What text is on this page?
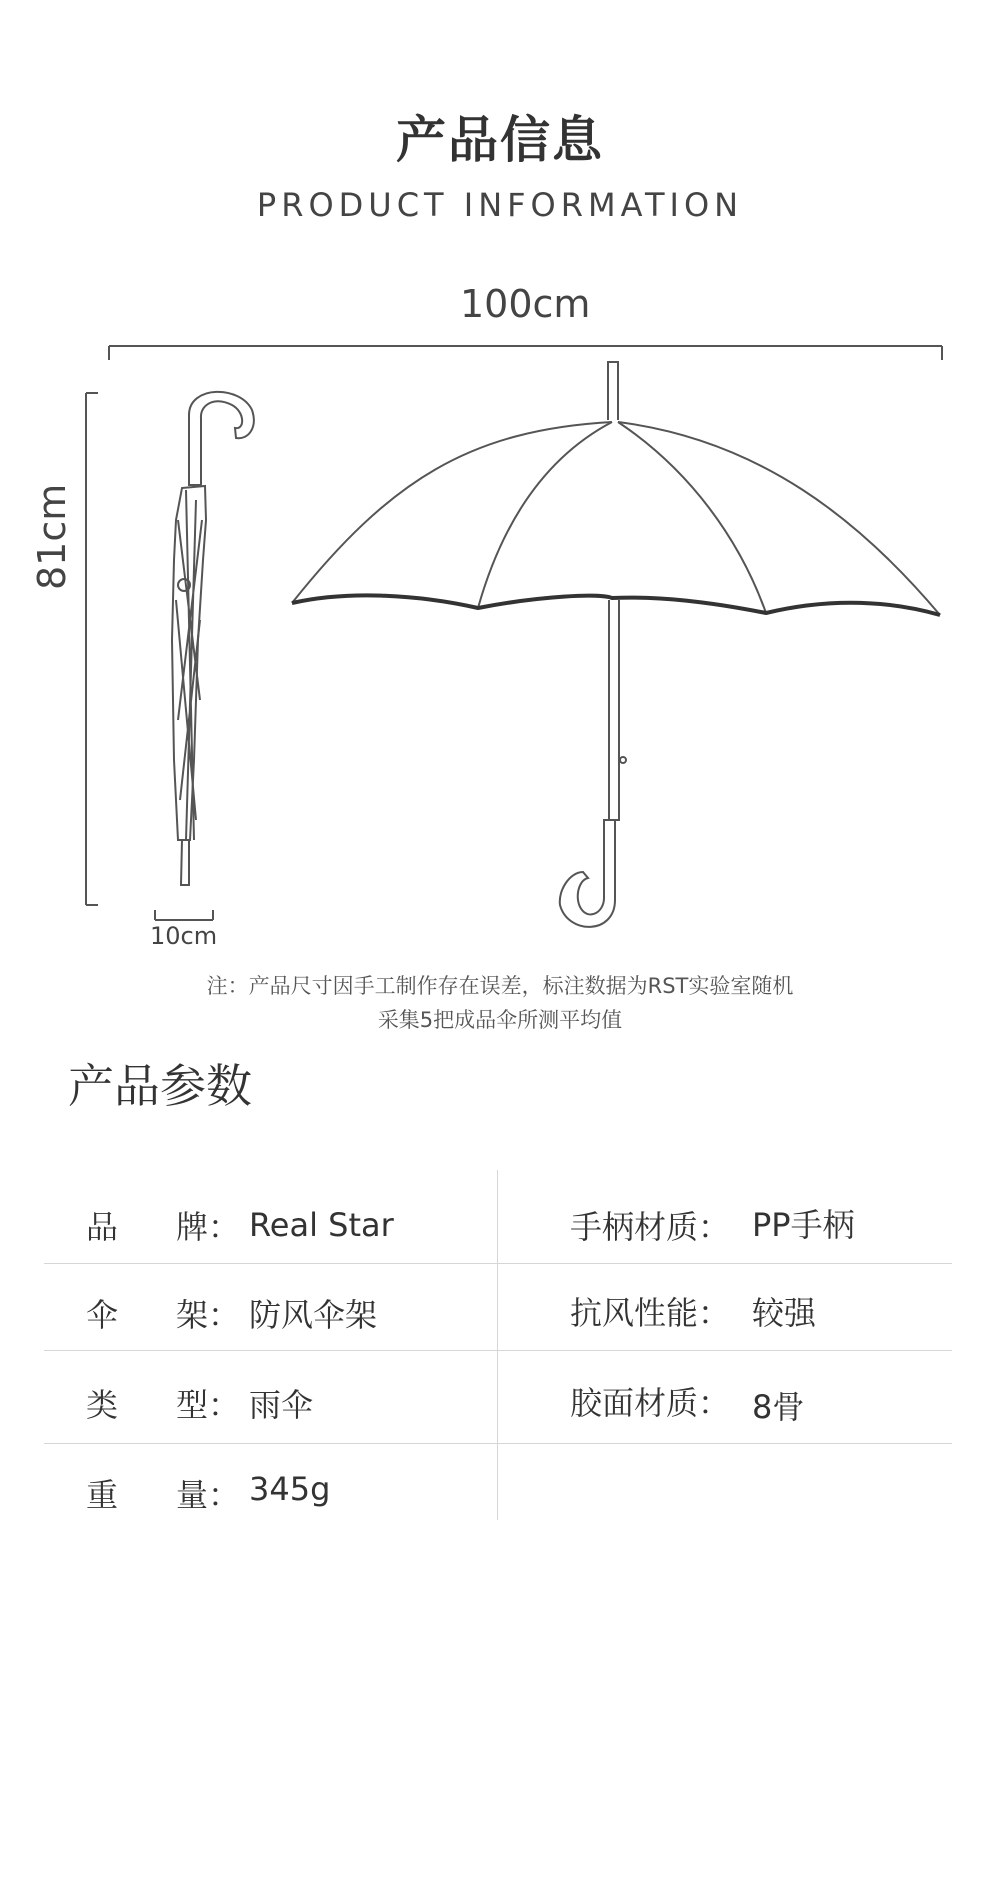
产品信息
PRODUCT INFORMATION
100cm
81cm
10cm
注：产品尺寸因手工制作存在误差，标注数据为RST实验室随机
采集5把成品伞所测平均值
产品参数
品 牌： Real Star	手柄材质： PP手柄
伞 架： 防风伞架	抗风性能： 较强
类 型： 雨伞	胶面材质： 8骨
重 量： 345g
